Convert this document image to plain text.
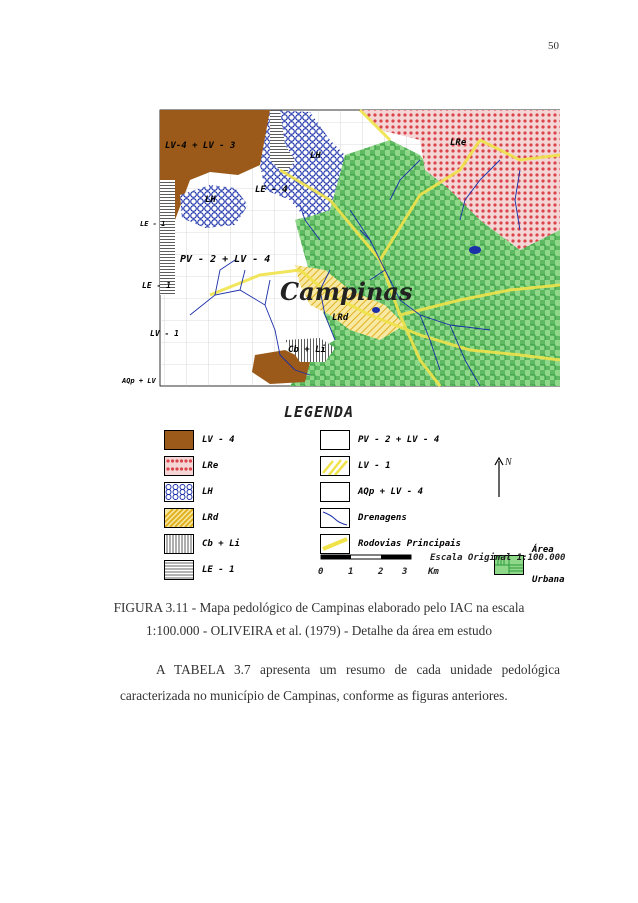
50
Campinas
LV-4 + LV - 3	LRe
LH
LH
LE - 4
PV - 2 + LV - 4
LE - 1
LV - 1
LRd
Cb + Li
AQp + LV
LE - 1
LEGENDA
LV - 4
LRe
LH
LRd
Cb + Li
LE - 1
PV - 2 + LV - 4
LV - 1
AQp + LV - 4
Drenagens
Rodovias Principais

Área

Urbana

N
Escala Original 1:100.000
0	1	2 3 Km
FIGURA 3.11 - Mapa pedológico de Campinas elaborado pelo IAC na escala
1:100.000 - OLIVEIRA et al. (1979) - Detalhe da área em estudo
A TABELA 3.7 apresenta um resumo de cada unidade pedológica caracterizada no município de Campinas, conforme as figuras anteriores.
